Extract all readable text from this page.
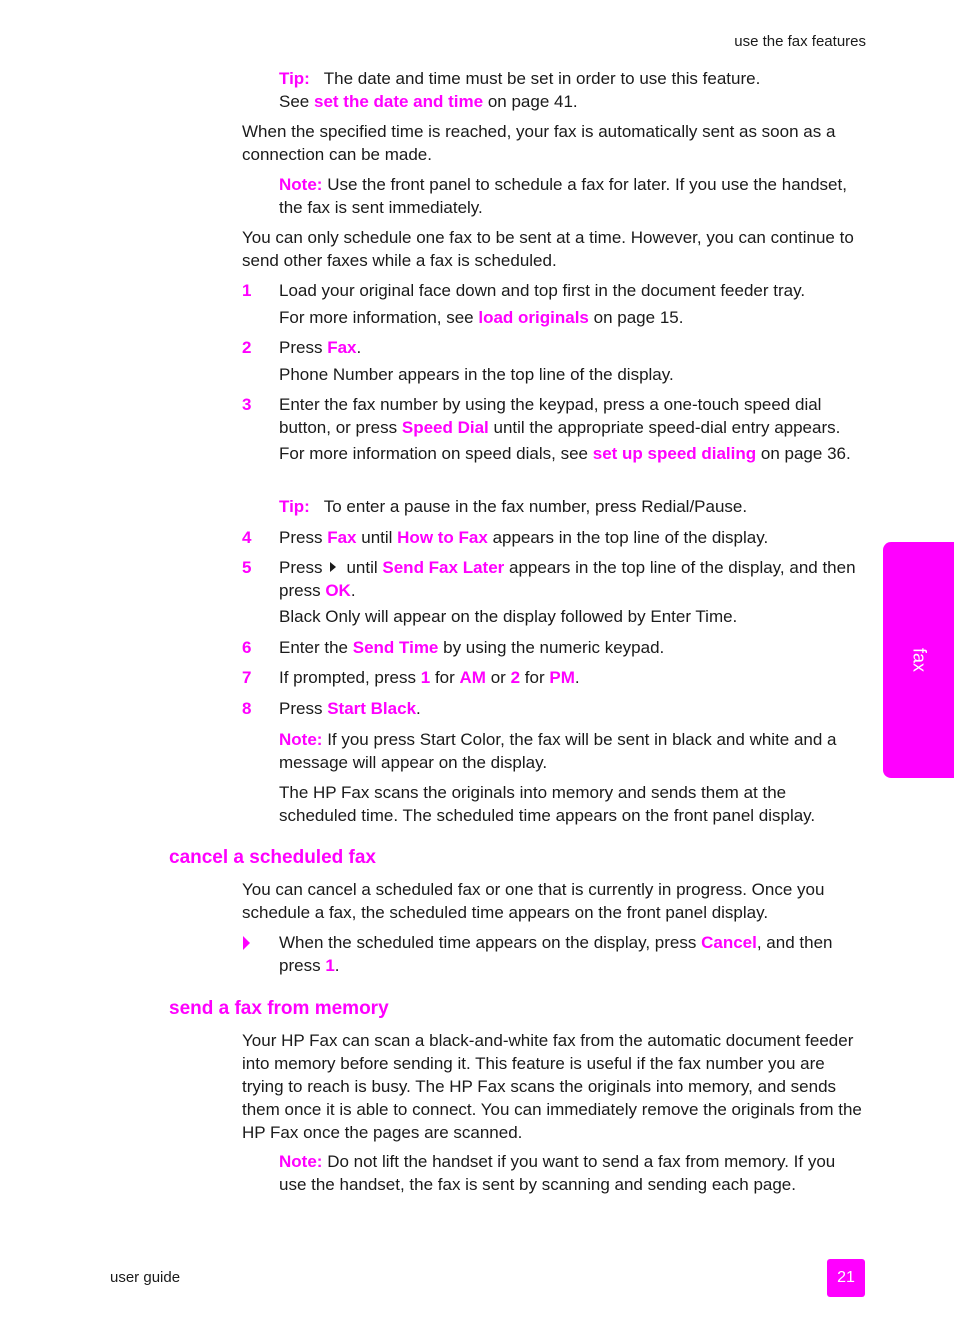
use the fax features
Tip: The date and time must be set in order to use this feature.
See set the date and time on page 41.
When the specified time is reached, your fax is automatically sent as soon as a connection can be made.
Note: Use the front panel to schedule a fax for later. If you use the handset, the fax is sent immediately.
You can only schedule one fax to be sent at a time. However, you can continue to send other faxes while a fax is scheduled.
1	Load your original face down and top first in the document feeder tray.
For more information, see load originals on page 15.
2	Press Fax.
Phone Number appears in the top line of the display.
3	Enter the fax number by using the keypad, press a one-touch speed dial button, or press Speed Dial until the appropriate speed-dial entry appears.
For more information on speed dials, see set up speed dialing on page 36.
Tip: To enter a pause in the fax number, press Redial/Pause.
4	Press Fax until How to Fax appears in the top line of the display.
5	Press until Send Fax Later appears in the top line of the display, and then press OK.
Black Only will appear on the display followed by Enter Time.
6	Enter the Send Time by using the numeric keypad.
7	If prompted, press 1 for AM or 2 for PM.
8	Press Start Black.
Note: If you press Start Color, the fax will be sent in black and white and a message will appear on the display.
The HP Fax scans the originals into memory and sends them at the scheduled time. The scheduled time appears on the front panel display.
cancel a scheduled fax
You can cancel a scheduled fax or one that is currently in progress. Once you schedule a fax, the scheduled time appears on the front panel display.
When the scheduled time appears on the display, press Cancel, and then press 1.
send a fax from memory
Your HP Fax can scan a black-and-white fax from the automatic document feeder into memory before sending it. This feature is useful if the fax number you are trying to reach is busy. The HP Fax scans the originals into memory, and sends them once it is able to connect. You can immediately remove the originals from the HP Fax once the pages are scanned.
Note: Do not lift the handset if you want to send a fax from memory. If you use the handset, the fax is sent by scanning and sending each page.
fax
user guide	21
